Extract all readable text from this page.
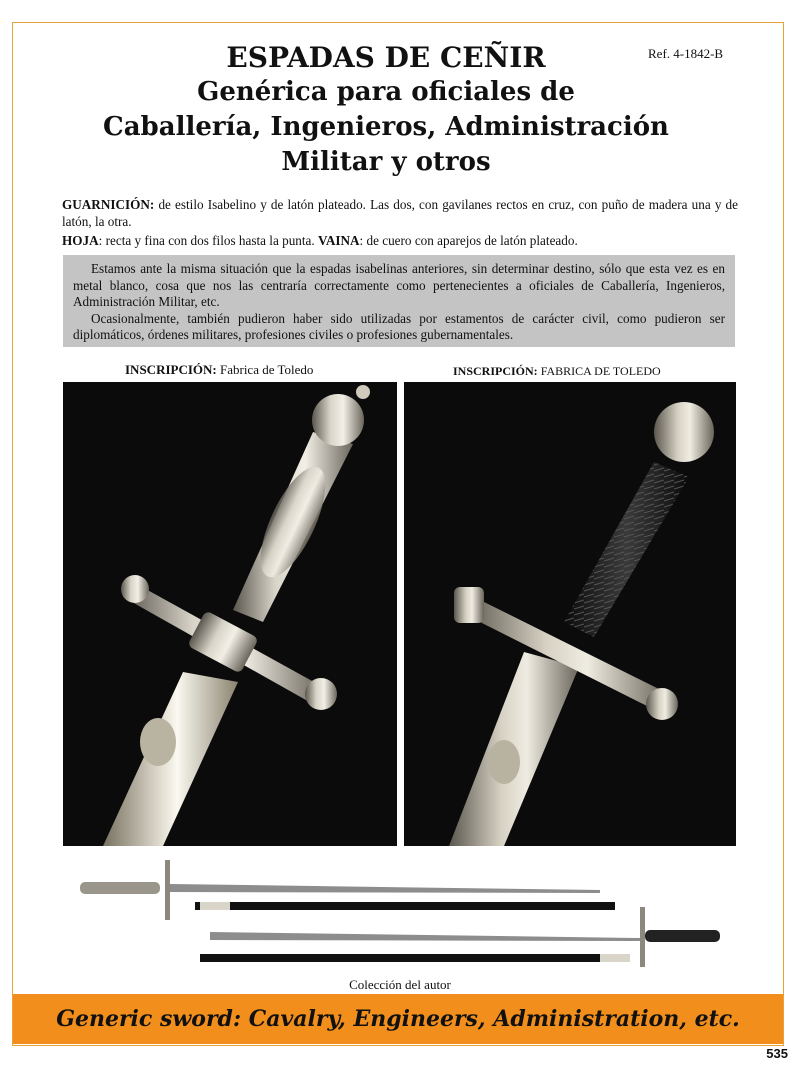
Ref. 4-1842-B
ESPADAS DE CEÑIR
Genérica para oficiales de
Caballería, Ingenieros, Administración
Militar y otros

GUARNICIÓN: de estilo Isabelino y de latón plateado. Las dos, con gavilanes rectos en cruz, con puño de madera una y de latón, la otra.

HOJA: recta y fina con dos filos hasta la punta. VAINA: de cuero con aparejos de latón plateado.

Estamos ante la misma situación que la espadas isabelinas anteriores, sin determinar destino, sólo que esta vez es en metal blanco, cosa que nos las centraría correctamente como pertenecientes a oficiales de Caballería, Ingenieros, Administración Militar, etc.

Ocasionalmente, también pudieron haber sido utilizadas por estamentos de carácter civil, como pudieron ser diplomáticos, órdenes militares, profesiones civiles o profesiones gubernamentales.

INSCRIPCIÓN: Fabrica de Toledo	INSCRIPCIÓN: FABRICA DE TOLEDO
Colección del autor
Generic sword: Cavalry, Engineers, Administration, etc.
535
